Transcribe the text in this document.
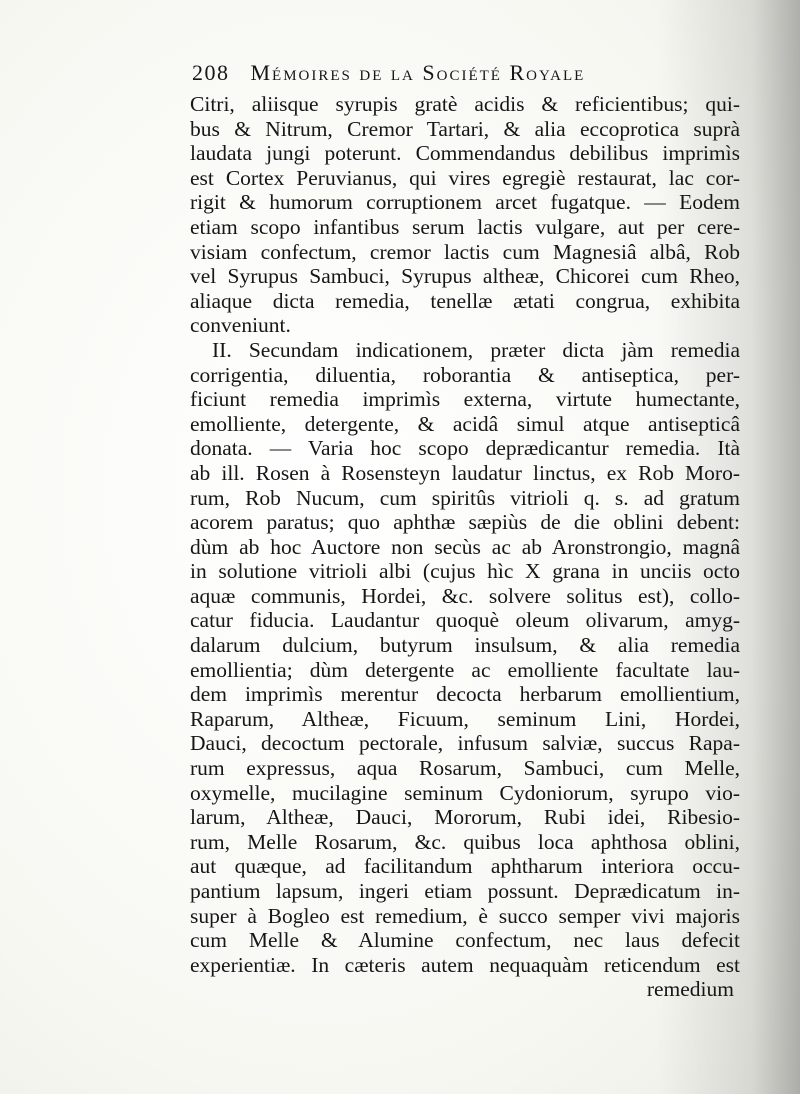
208 Mémoires de la Société Royale
Citri, aliisque syrupis gratè acidis & reficientibus; qui-
bus & Nitrum, Cremor Tartari, & alia eccoprotica suprà
laudata jungi poterunt. Commendandus debilibus imprimìs
est Cortex Peruvianus, qui vires egregiè restaurat, lac cor-
rigit & humorum corruptionem arcet fugatque. — Eodem
etiam scopo infantibus serum lactis vulgare, aut per cere-
visiam confectum, cremor lactis cum Magnesiâ albâ, Rob
vel Syrupus Sambuci, Syrupus altheæ, Chicorei cum Rheo,
aliaque dicta remedia, tenellæ ætati congrua, exhibita
conveniunt.
II. Secundam indicationem, præter dicta jàm remedia
corrigentia, diluentia, roborantia & antiseptica, per-
ficiunt remedia imprimìs externa, virtute humectante,
emolliente, detergente, & acidâ simul atque antisepticâ
donata. — Varia hoc scopo deprædicantur remedia. Ità
ab ill. Rosen à Rosensteyn laudatur linctus, ex Rob Moro-
rum, Rob Nucum, cum spiritûs vitrioli q. s. ad gratum
acorem paratus; quo aphthæ sæpiùs de die oblini debent:
dùm ab hoc Auctore non secùs ac ab Aronstrongio, magnâ
in solutione vitrioli albi (cujus hìc X grana in unciis octo
aquæ communis, Hordei, &c. solvere solitus est), collo-
catur fiducia. Laudantur quoquè oleum olivarum, amyg-
dalarum dulcium, butyrum insulsum, & alia remedia
emollientia; dùm detergente ac emolliente facultate lau-
dem imprimìs merentur decocta herbarum emollientium,
Raparum, Altheæ, Ficuum, seminum Lini, Hordei,
Dauci, decoctum pectorale, infusum salviæ, succus Rapa-
rum expressus, aqua Rosarum, Sambuci, cum Melle,
oxymelle, mucilagine seminum Cydoniorum, syrupo vio-
larum, Altheæ, Dauci, Mororum, Rubi idei, Ribesio-
rum, Melle Rosarum, &c. quibus loca aphthosa oblini,
aut quæque, ad facilitandum aphtharum interiora occu-
pantium lapsum, ingeri etiam possunt. Deprædicatum in-
super à Bogleo est remedium, è succo semper vivi majoris
cum Melle & Alumine confectum, nec laus defecit
experientiæ. In cæteris autem nequaquàm reticendum est
remedium
